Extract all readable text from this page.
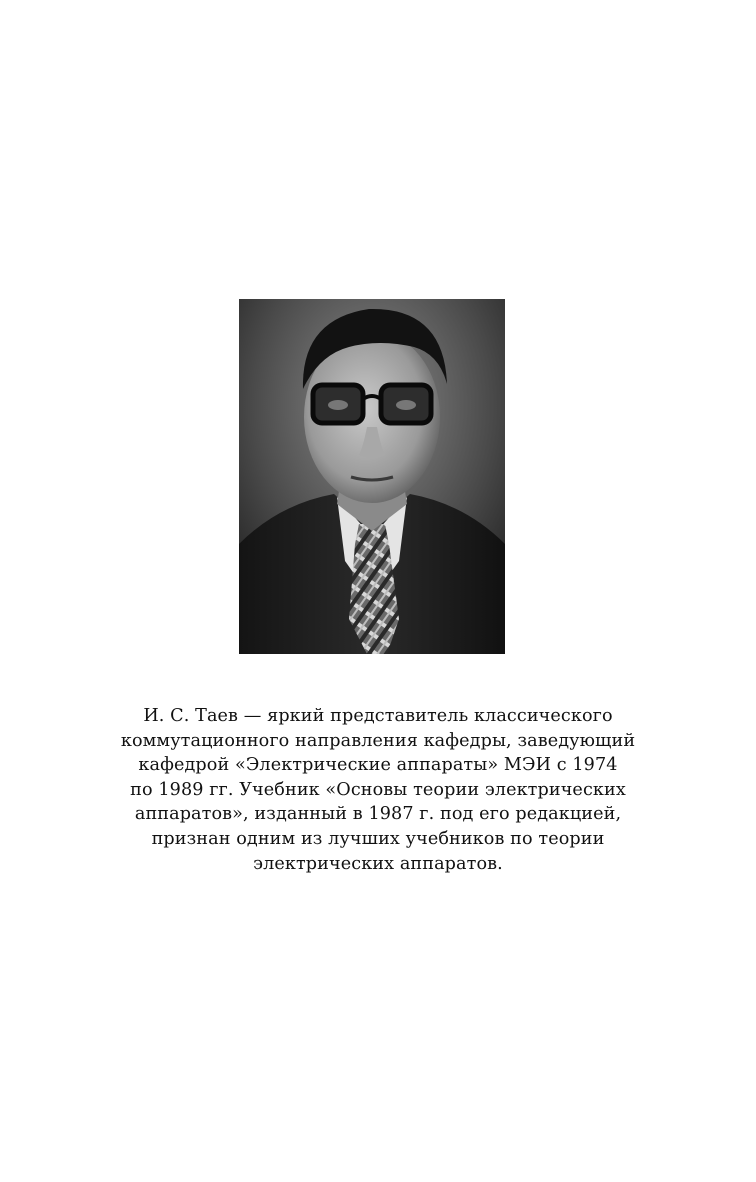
И. С. Таев — яркий представитель классического
коммутационного направления кафедры, заведующий
кафедрой «Электрические аппараты» МЭИ с 1974
по 1989 гг. Учебник «Основы теории электрических
аппаратов», изданный в 1987 г. под его редакцией,
признан одним из лучших учебников по теории
электрических аппаратов.
